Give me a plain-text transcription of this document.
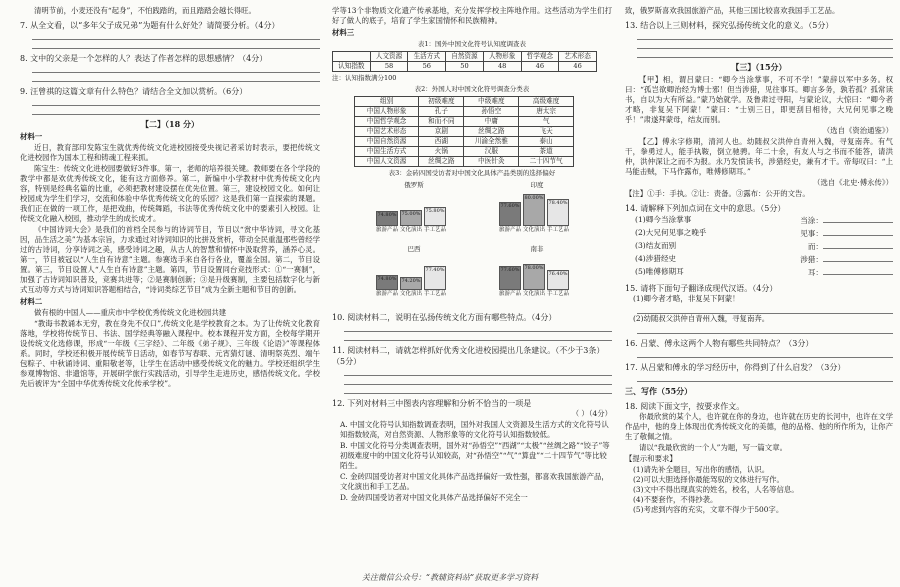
清明节前，小麦还没有“起身”，不怕践踏的，而且踏踏会越长得旺。

7. 从全文看，以“多年父子成兄弟”为题有什么好处？请简要分析。（4分）

8. 文中的父亲是一个怎样的人？表达了作者怎样的思想感情？（4分）

9. 汪曾祺的这篇文章有什么特色？请结合全文加以赏析。（6分）

【二】（18 分）

材料一

近日，教育部印发陈宝生就优秀传统文化进校园接受央视记者采访时表示，要把传统文化进校园作为国本工程和铸魂工程来抓。

陈宝生：传统文化进校园要做好3件事。第一，老师的培养很关键。教师要在各个学段的教学中都是欢优秀传统文化，能有这方面修养。第二，新编中小学教材中优秀传统文化内容，特别是经典名篇的比重，必须把教材建设摆在优先位置。第三，建设校园文化。如何让校园成为学生们学习，交流和体验中华优秀传统文化的乐园？这是我们第一直探索的课题。我们正在做的一项工作，是把戏曲，传统舞蹈，书法等优秀传统文化中的要素引入校园。让传统文化融入校园，推动学生的成长成才。

《中国诗词大会》是我们的首档全民参与的诗词节目，节目以“赏中华诗词，寻文化基因，品生活之美”为基本宗旨，力求通过对诗词知识的比拼及赏析，带动全民重温那些曾经学过的古诗词，分享诗词之美，感受诗词之趣，从古人的智慧和情怀中汲取营养，涵养心灵。第一，节目被冠以“人生自有诗意”主题。参赛选手来自各行各业，覆盖全国。第二，节目设置。第三，节目设置人“人生自有诗意”主题。第四，节目设置同台竞技形式：①“一赛制”，加强了古诗词知识普及，竞赛共进等；②是赛制创新；③是升级赛制，主要包括数字化与新式互动等方式与诗词知识答题相结合，“诗词类综艺节目”成为全新主题和节目的创新。

材料二

做有根的中国人——重庆市中学校优秀传统文化进校园共建

“教诲书教诵本无穷，教在身先不仅口”,传统文化是学校教育之本。为了让传统文化教育落地，学校将传统节日、书法、国学经典等融入课程中。校本课程开发方面，全校每学期开设传统文化选修课，形成“一年级《三字经》、二年级《弟子规》、三年级《论语》”等课程体系。同时，学校还积极开展传统节日活动，如春节写春联、元宵猜灯谜、清明祭英烈、端午包粽子、中秋诵诗词、重阳敬老等，让学生在活动中感受传统文化的魅力。学校还组织学生参观博物馆、非遗馆等，开展研学旅行实践活动，引导学生走进历史，感悟传统文化。学校先后被评为“全国中华优秀传统文化传承学校”。

学等13个非物质文化遗产传承基地，充分发挥学校主阵地作用。这些活动为学生们打好了做人的底子，培育了学生家国情怀和民族精神。

材料三

表1：国外中国文化符号认知度调查表

	人文资源	生活方式	自然资源	人物形象	哲学观念	艺术形态
认知指数	58	56	50	48	46	46

注：认知指数满分100

表2：外国人对中国文化符号调查分类表

组别	初级难度	中级难度	高级难度
中国人物形象	孔子	孙悟空	唐太宗
中国哲学观念	和而不同	中庸	气
中国艺术形态	京剧	丝绸之路	飞天
中国自然资源	西湖	川渝全然雅	泰山
中国生活方式	火锅	汉服	茶道
中国人文资源	丝绸之路	中医针灸	二十四节气

表3：金砖四国受访者对中国文化具体产品类别的选择偏好

俄罗斯
74.80% 75.00% 75.80%
旅游产品 文化演出 手工艺品
印度
77.60%
80.00%
78.40%
旅游产品 文化演出 手工艺品
巴西
74.80% 74.20%
77.40%
旅游产品 文化演出 手工艺品
南非
77.60% 78.00%
76.40%
旅游产品 文化演出 手工艺品

10. 阅读材料二，说明在弘扬传统文化方面有哪些特点。（4分）

11. 阅读材料二，请就怎样抓好优秀文化进校园提出几条建议。（不少于3条）（5分）

12. 下列对材料三中图表内容理解和分析不恰当的一项是

（ ）（4分）

A. 中国文化符号认知指数调查表明，国外对我国人文资源及生活方式的文化符号认知指数较高，对自然资源、人物形象等的文化符号认知指数较低。

B. 中国文化符号分类调查表明，国外对“孙悟空”“西湖”“太极”“丝绸之路”“饺子”等初级难度中的中国文化符号认知较高，对“孙悟空”“气”“算盘”“二十四节气”等比较陌生。

C. 金砖四国受访者对中国文化具体产品选择偏好一致性强，都喜欢我国旅游产品，文化演出和手工艺品。

D. 金砖四国受访者对中国文化具体产品选择偏好不完全一

致，俄罗斯喜欢我国旅游产品，其他三国比较喜欢我国手工艺品。

13. 结合以上三则材料，探究弘扬传统文化的意义。（5分）

【三】（15分）

【甲】相，谓吕蒙曰：“卿今当涂掌事，不可不学！”蒙辞以军中多务。权曰：“孤岂欲卿治经为博士邪！但当涉猎，见往事耳。卿言多务，孰若孤？孤常读书，自以为大有所益。”蒙乃始就学。及鲁肃过寻阳，与蒙论议，大惊曰：“卿今者才略，非复吴下阿蒙！”蒙曰：“士别三日，即更刮目相待，大兄何见事之晚乎！”肃遂拜蒙母，结友而别。

（选自《资治通鉴》）

【乙】傅永字修期，清河人也。幼随叔父洪仲自青州入魏，寻复南奔。有气干，拳勇过人，能手执鞍，倒立驰骋。年二十余，有友人与之书而不能答，请洪仲，洪仲深让之而不为报。永乃发愤读书，涉猎经史，兼有才干。帝每叹曰：“上马能击贼，下马作露布，唯傅修期耳。”

（选自《北史·傅永传》）

【注】①手：手执。②让：责备。③露布：公开的文告。

14. 请解释下列加点词在文中的意思。（5分）

(1)卿今当涂掌事	当涂：
(2)大兄何见事之晚乎	见事：
(3)结友而别	而：
(4)涉猎经史	涉猎：
(5)唯傅修期耳	耳：

15. 请将下面句子翻译成现代汉语。（4分）

(1)卿今者才略，非复吴下阿蒙！

(2)幼随叔父洪仲自青州入魏，寻复南奔。

16. 吕蒙、傅永这两个人物有哪些共同特点？（3分）

17. 从吕蒙和傅永的学习经历中，你得到了什么启发？（3分）

三、写作（55分）

18. 阅读下面文字，按要求作文。

你最欣赏的某个人，也许就在你的身边，也许就在历史的长河中，也许在文学作品中，他的身上体现出优秀传统文化的美德，他的品格、他的所作所为，让你产生了敬佩之情。

请以“我最欣赏的一个人”为题，写一篇文章。

【提示和要求】

(1)请先补全题目，写出你的感悟，认识。

(2)可以大胆选择你最能驾驭的文体进行写作。

(3)文中不得出现真实的姓名，校名，人名等信息。

(4)不要套作，不得抄袭。

(5)考虑到内容的充实，文章不得少于500字。

关注微信公众号：“教辅资料站”获取更多学习资料
